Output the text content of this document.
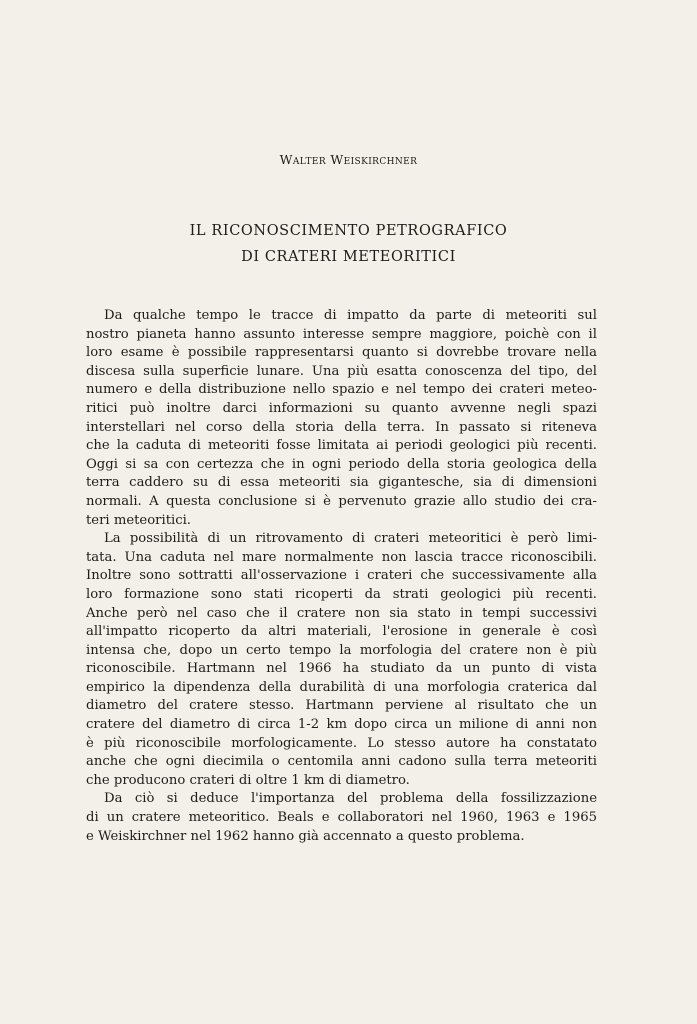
Walter Weiskirchner
IL RICONOSCIMENTO PETROGRAFICO
DI CRATERI METEORITICI
Da qualche tempo le tracce di impatto da parte di meteoriti sul
nostro pianeta hanno assunto interesse sempre maggiore, poichè con il
loro esame è possibile rappresentarsi quanto si dovrebbe trovare nella
discesa sulla superficie lunare. Una più esatta conoscenza del tipo, del
numero e della distribuzione nello spazio e nel tempo dei crateri meteo-
ritici può inoltre darci informazioni su quanto avvenne negli spazi
interstellari nel corso della storia della terra. In passato si riteneva
che la caduta di meteoriti fosse limitata ai periodi geologici più recenti.
Oggi si sa con certezza che in ogni periodo della storia geologica della
terra caddero su di essa meteoriti sia gigantesche, sia di dimensioni
normali. A questa conclusione si è pervenuto grazie allo studio dei cra-
teri meteoritici.
La possibilità di un ritrovamento di crateri meteoritici è però limi-
tata. Una caduta nel mare normalmente non lascia tracce riconoscibili.
Inoltre sono sottratti all'osservazione i crateri che successivamente alla
loro formazione sono stati ricoperti da strati geologici più recenti.
Anche però nel caso che il cratere non sia stato in tempi successivi
all'impatto ricoperto da altri materiali, l'erosione in generale è così
intensa che, dopo un certo tempo la morfologia del cratere non è più
riconoscibile. Hartmann nel 1966 ha studiato da un punto di vista
empirico la dipendenza della durabilità di una morfologia craterica dal
diametro del cratere stesso. Hartmann perviene al risultato che un
cratere del diametro di circa 1-2 km dopo circa un milione di anni non
è più riconoscibile morfologicamente. Lo stesso autore ha constatato
anche che ogni diecimila o centomila anni cadono sulla terra meteoriti
che producono crateri di oltre 1 km di diametro.
Da ciò si deduce l'importanza del problema della fossilizzazione
di un cratere meteoritico. Beals e collaboratori nel 1960, 1963 e 1965
e Weiskirchner nel 1962 hanno già accennato a questo problema.
